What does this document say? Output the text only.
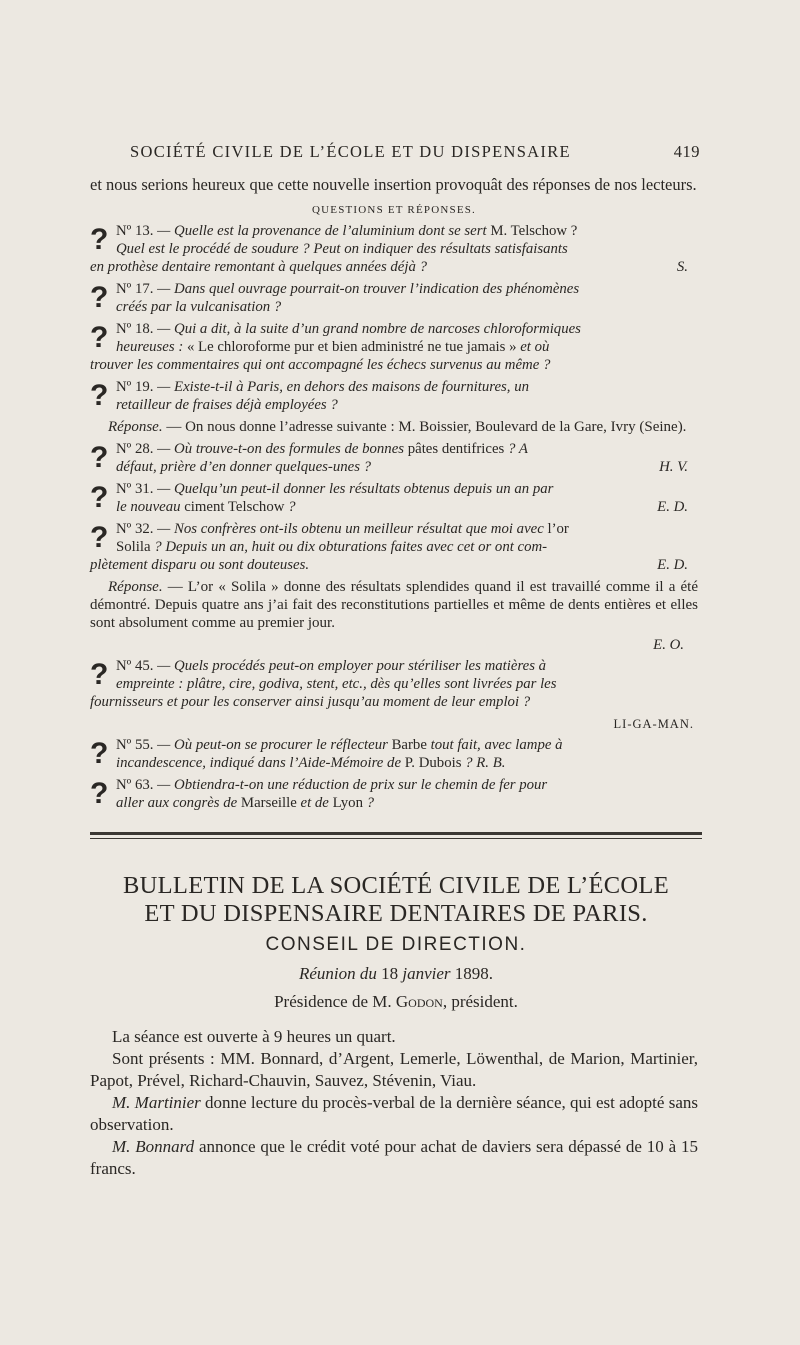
SOCIÉTÉ CIVILE DE L’ÉCOLE ET DU DISPENSAIRE	419

et nous serions heureux que cette nouvelle insertion provoquât des réponses de nos lecteurs.

QUESTIONS ET RÉPONSES.
? Nº 13. — Quelle est la provenance de l’aluminium dont se sert M. Telschow ?
Quel est le procédé de soudure ? Peut on indiquer des résultats satisfaisants
en prothèse dentaire remontant à quelques années déjà ?	S.
? Nº 17. — Dans quel ouvrage pourrait-on trouver l’indication des phénomènes
créés par la vulcanisation ?
? Nº 18. — Qui a dit, à la suite d’un grand nombre de narcoses chloroformiques
heureuses : « Le chloroforme pur et bien administré ne tue jamais » et où
trouver les commentaires qui ont accompagné les échecs survenus au même ?
? Nº 19. — Existe-t-il à Paris, en dehors des maisons de fournitures, un
retailleur de fraises déjà employées ?

Réponse. — On nous donne l’adresse suivante : M. Boissier, Boulevard de la Gare, Ivry (Seine).

? Nº 28. — Où trouve-t-on des formules de bonnes pâtes dentifrices ? A
défaut, prière d’en donner quelques-unes ?	H. V.
? Nº 31. — Quelqu’un peut-il donner les résultats obtenus depuis un an par
le nouveau ciment Telschow ?	E. D.
? Nº 32. — Nos confrères ont-ils obtenu un meilleur résultat que moi avec l’or
Solila ? Depuis un an, huit ou dix obturations faites avec cet or ont com-
plètement disparu ou sont douteuses.	E. D.

Réponse. — L’or « Solila » donne des résultats splendides quand il est travaillé comme il a été démontré. Depuis quatre ans j’ai fait des reconstitutions partielles et même de dents entières et elles sont absolument comme au premier jour.

E. O.
? Nº 45. — Quels procédés peut-on employer pour stériliser les matières à
empreinte : plâtre, cire, godiva, stent, etc., dès qu’elles sont livrées par les
fournisseurs et pour les conserver ainsi jusqu’au moment de leur emploi ?
LI-GA-MAN.
? Nº 55. — Où peut-on se procurer le réflecteur Barbe tout fait, avec lampe à
incandescence, indiqué dans l’Aide-Mémoire de P. Dubois ? R. B.
? Nº 63. — Obtiendra-t-on une réduction de prix sur le chemin de fer pour
aller aux congrès de Marseille et de Lyon ?
BULLETIN DE LA SOCIÉTÉ CIVILE DE L’ÉCOLE
ET DU DISPENSAIRE DENTAIRES DE PARIS.
CONSEIL DE DIRECTION.
Réunion du 18 janvier 1898.
Présidence de M. Godon, président.

La séance est ouverte à 9 heures un quart.

Sont présents : MM. Bonnard, d’Argent, Lemerle, Löwenthal, de Marion, Martinier, Papot, Prével, Richard-Chauvin, Sauvez, Stévenin, Viau.

M. Martinier donne lecture du procès-verbal de la dernière séance, qui est adopté sans observation.

M. Bonnard annonce que le crédit voté pour achat de daviers sera dépassé de 10 à 15 francs.
